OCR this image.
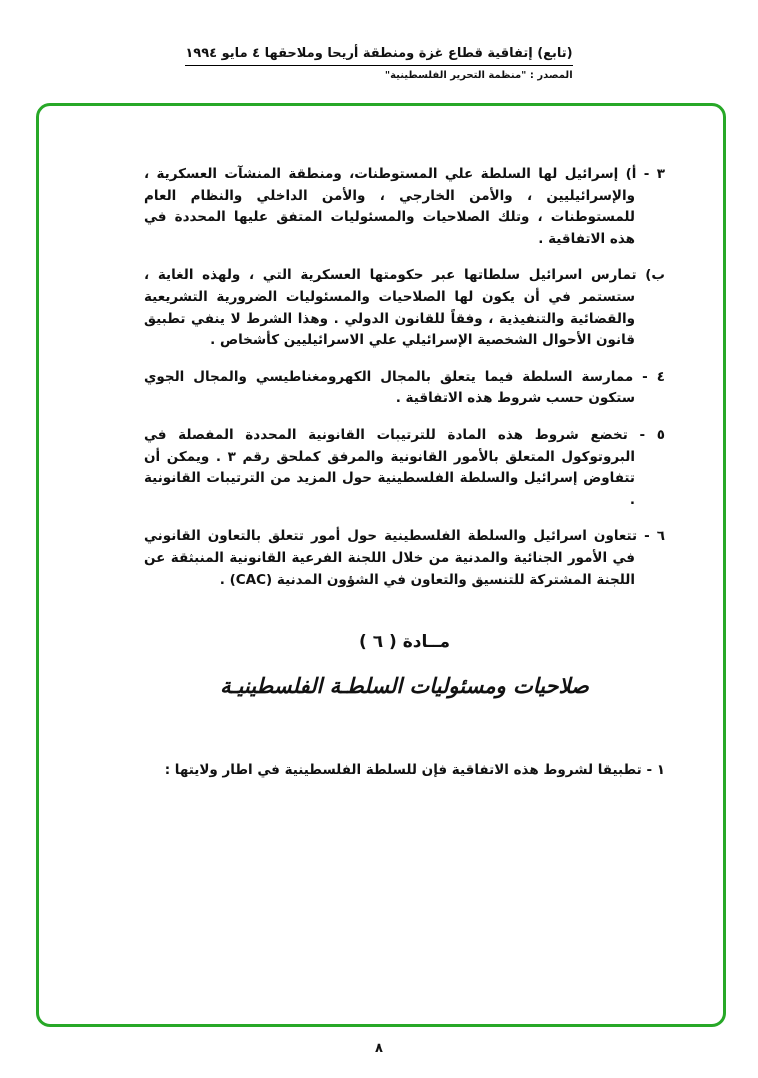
(تابع) إتفاقية قطاع غزة ومنطقة أريحا وملاحقها ٤ مايو ١٩٩٤
المصدر : "منظمة التحرير الفلسطينية"
٣ - أ) إسرائيل لها السلطة علي المستوطنات، ومنطقة المنشآت العسكرية ، والإسرائيليين ، والأمن الخارجي ، والأمن الداخلي والنظام العام للمستوطنات ، وتلك الصلاحيات والمسئوليات المتفق عليها المحددة في هذه الاتفاقية .
ب) تمارس اسرائيل سلطاتها عبر حكومتها العسكرية التي ، ولهذه الغاية ، ستستمر في أن يكون لها الصلاحيات والمسئوليات الضرورية التشريعية والقضائية والتنفيذية ، وفقاً للقانون الدولي . وهذا الشرط لا ينفي تطبيق قانون الأحوال الشخصية الإسرائيلي علي الاسرائيليين كأشخاص .
٤ - ممارسة السلطة فيما يتعلق بالمجال الكهرومغناطيسي والمجال الجوي ستكون حسب شروط هذه الاتفاقية .
٥ - تخضع شروط هذه المادة للترتيبات القانونية المحددة المفصلة في البروتوكول المتعلق بالأمور القانونية والمرفق كملحق رقم ٣ . ويمكن أن تتفاوض إسرائيل والسلطة الفلسطينية حول المزيد من الترتيبات القانونية .
٦ - تتعاون اسرائيل والسلطة الفلسطينية حول أمور تتعلق بالتعاون القانوني في الأمور الجنائية والمدنية من خلال اللجنة الفرعية القانونية المنبثقة عن اللجنة المشتركة للتنسيق والتعاون في الشؤون المدنية (CAC) .
مــادة ( ٦ )
صلاحيات ومسئوليات السلطـة الفلسطينيـة
١ - تطبيقا لشروط هذه الاتفاقية فإن للسلطة الفلسطينية في اطار ولايتها :
٨
